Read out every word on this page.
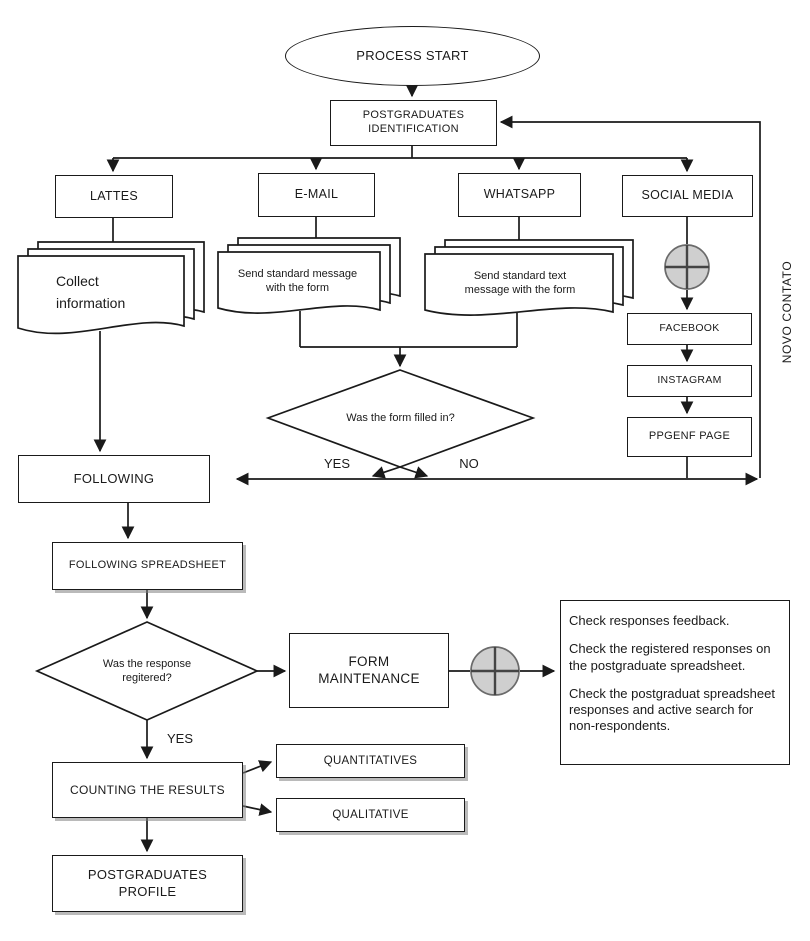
PROCESS START
POSTGRADUATES IDENTIFICATION
LATTES	E-MAIL	WHATSAPP	SOCIAL MEDIA
Collect information
Send standard message with the form
Send standard text message with the form
FACEBOOK
INSTAGRAM
PPGENF PAGE
NOVO CONTATO
Was the form filled in?
YES	NO
FOLLOWING
FOLLOWING SPREADSHEET
Was the response regitered?
YES
FORM MAINTENANCE

Check responses feedback.

Check the registered responses on the postgraduate spreadsheet.

Check the postgraduat spreadsheet responses and active search for non-respondents.

COUNTING THE RESULTS
QUANTITATIVES
QUALITATIVE
POSTGRADUATES PROFILE
